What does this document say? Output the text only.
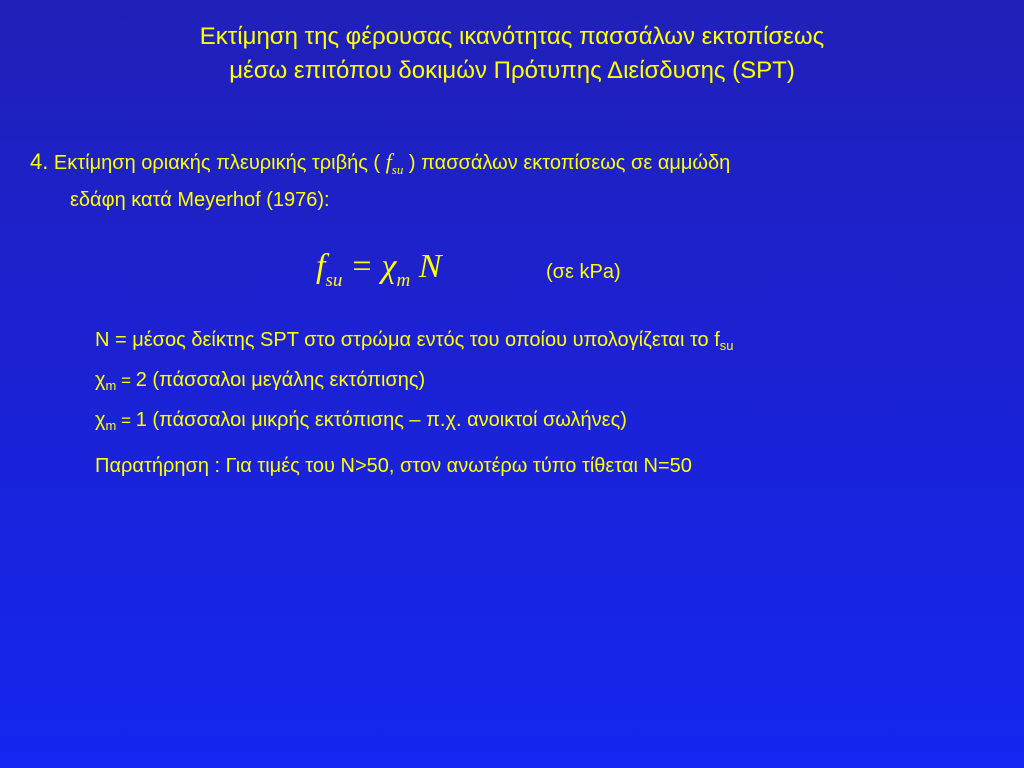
Εκτίμηση της φέρουσας ικανότητας πασσάλων εκτοπίσεως
μέσω επιτόπου δοκιμών Πρότυπης Διείσδυσης (SPT)
4. Εκτίμηση οριακής πλευρικής τριβής ( $f_{su}$ ) πασσάλων εκτοπίσεως σε αμμώδη
εδάφη κατά Meyerhof (1976):
$f_{su} = \chi_m$ N	(σε kPa)
N = μέσος δείκτης SPT στο στρώμα εντός του οποίου υπολογίζεται το $f_{su}$
$\chi_m = 2$ (πάσσαλοι μεγάλης εκτόπισης)
$\chi_m = 1$ (πάσσαλοι μικρής εκτόπισης – π.χ. ανοικτοί σωλήνες)
Παρατήρηση : Για τιμές του N>50, στον ανωτέρω τύπο τίθεται N=50
